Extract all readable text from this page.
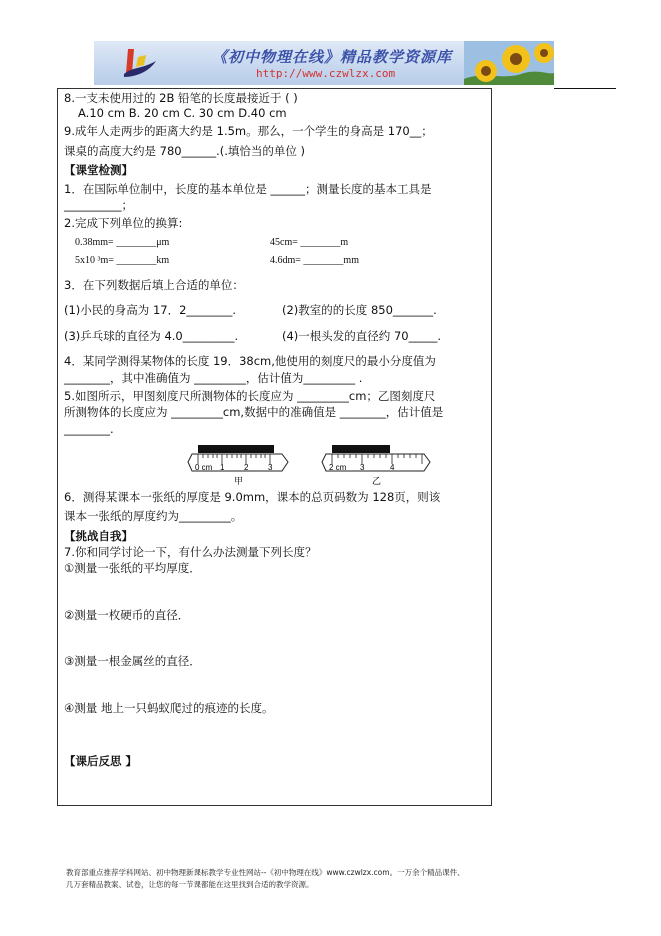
《初中物理在线》精品教学资源库
http://www.czwlzx.com
8.一支未使用过的 2B 铅笔的长度最接近于 ( )
A.10 cm B. 20 cm C. 30 cm D.40 cm
9.成年人走两步的距离大约是 1.5m。那么，一个学生的身高是 170__；
课桌的高度大约是 780______.(.填恰当的单位 )
【课堂检测】
1．在国际单位制中，长度的基本单位是 ______；测量长度的基本工具是
__________；
2.完成下列单位的换算:
0.38mm= ________μm	45cm= ________m
5x10 ³m= ________km	4.6dm= ________mm
3．在下列数据后填上合适的单位：
(1)小民的身高为 17．2________.	(2)教室的的长度 850_______.
(3)乒乓球的直径为 4.0_________.	(4)一根头发的直径约 70_____.
4．某同学测得某物体的长度 19．38cm,他使用的刻度尺的最小分度值为
________，其中准确值为 _________，估计值为_________ .
5.如图所示，甲图刻度尺所测物体的长度应为 _________cm；乙图刻度尺
所测物体的长度应为 _________cm,数据中的准确值是 ________，估计值是
________.
0 cm 1 2 3
甲
2 cm 3	4
乙
6．测得某课本一张纸的厚度是 9.0mm，课本的总页码数为 128页，则该
课本一张纸的厚度约为_________。
【挑战自我】
7.你和同学讨论一下，有什么办法测量下列长度？
①测量一张纸的平均厚度．
②测量一枚硬币的直径．
③测量一根金属丝的直径．
④测量 地上一只蚂蚁爬过的痕迹的长度。
【课后反思 】
教育部重点推荐学科网站、初中物理新课标教学专业性网站--《初中物理在线》www.czwlzx.com。一万余个精品课件、
几万套精品教案、试卷，让您的每一节课都能在这里找到合适的教学资源。
